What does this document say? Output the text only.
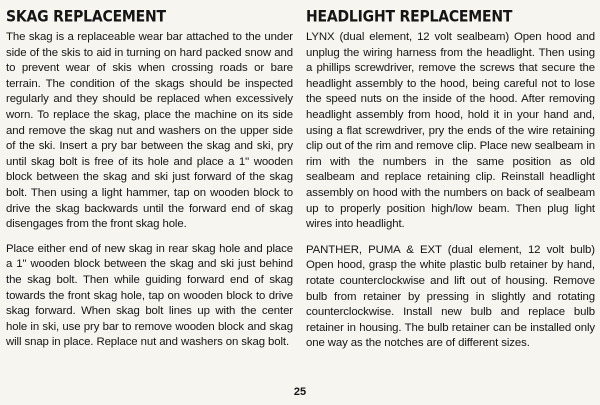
SKAG REPLACEMENT

The skag is a replaceable wear bar attached to the under side of the skis to aid in turning on hard packed snow and to prevent wear of skis when crossing roads or bare terrain. The condition of the skags should be inspected regularly and they should be replaced when excessively worn. To replace the skag, place the machine on its side and remove the skag nut and washers on the upper side of the ski. Insert a pry bar between the skag and ski, pry until skag bolt is free of its hole and place a 1" wooden block between the skag and ski just forward of the skag bolt. Then using a light hammer, tap on wooden block to drive the skag backwards until the forward end of skag disengages from the front skag hole.

Place either end of new skag in rear skag hole and place a 1" wooden block between the skag and ski just behind the skag bolt. Then while guiding forward end of skag towards the front skag hole, tap on wooden block to drive skag forward. When skag bolt lines up with the center hole in ski, use pry bar to remove wooden block and skag will snap in place. Replace nut and washers on skag bolt.

HEADLIGHT REPLACEMENT

LYNX (dual element, 12 volt sealbeam) Open hood and unplug the wiring harness from the headlight. Then using a phillips screwdriver, remove the screws that secure the headlight assembly to the hood, being careful not to lose the speed nuts on the inside of the hood. After removing headlight assembly from hood, hold it in your hand and, using a flat screwdriver, pry the ends of the wire retaining clip out of the rim and remove clip. Place new sealbeam in rim with the numbers in the same position as old sealbeam and replace retaining clip. Reinstall headlight assembly on hood with the numbers on back of sealbeam up to properly position high/low beam. Then plug light wires into headlight.

PANTHER, PUMA & EXT (dual element, 12 volt bulb) Open hood, grasp the white plastic bulb retainer by hand, rotate counterclockwise and lift out of housing. Remove bulb from retainer by pressing in slightly and rotating counterclockwise. Install new bulb and replace bulb retainer in housing. The bulb retainer can be installed only one way as the notches are of different sizes.

25
